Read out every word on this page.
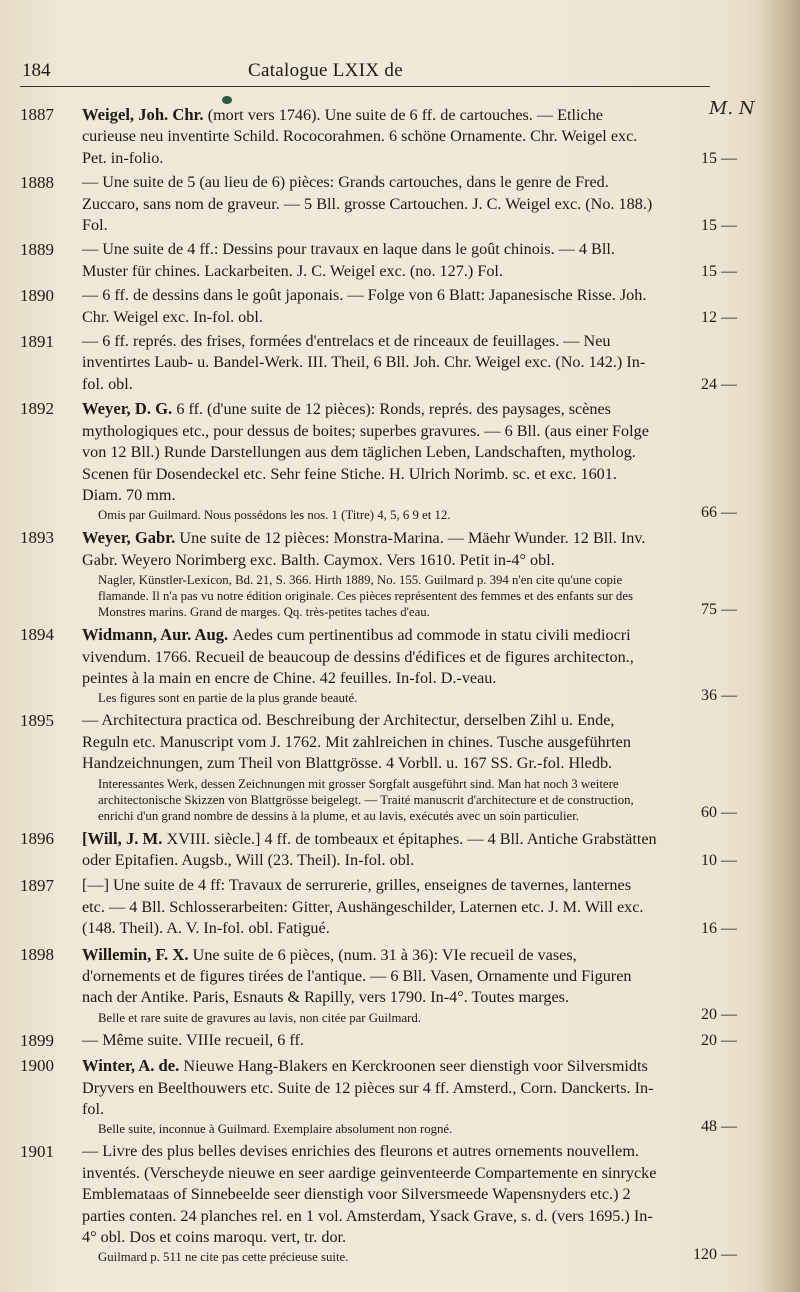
184	Catalogue LXIX de
M. N
1887 Weigel, Joh. Chr. (mort vers 1746). Une suite de 6 ff. de cartouches. — Etliche curieuse neu inventirte Schild. Rococorahmen. 6 schöne Ornamente. Chr. Weigel exc. Pet. in-folio.	15 —
1888 — Une suite de 5 (au lieu de 6) pièces: Grands cartouches, dans le genre de Fred. Zuccaro, sans nom de graveur. — 5 Bll. grosse Cartouchen. J. C. Weigel exc. (No. 188.) Fol.	15 —
1889 — Une suite de 4 ff.: Dessins pour travaux en laque dans le goût chinois. — 4 Bll. Muster für chines. Lackarbeiten. J. C. Weigel exc. (no. 127.) Fol.	15 —
1890 — 6 ff. de dessins dans le goût japonais. — Folge von 6 Blatt: Japanesische Risse. Joh. Chr. Weigel exc. In-fol. obl.	12 —
1891 — 6 ff. représ. des frises, formées d'entrelacs et de rinceaux de feuillages. — Neu inventirtes Laub- u. Bandel-Werk. III. Theil, 6 Bll. Joh. Chr. Weigel exc. (No. 142.) In-fol. obl.	24 —
1892 Weyer, D. G. 6 ff. (d'une suite de 12 pièces): Ronds, représ. des paysages, scènes mythologiques etc., pour dessus de boites; superbes gravures. — 6 Bll. (aus einer Folge von 12 Bll.) Runde Darstellungen aus dem täglichen Leben, Landschaften, mytholog. Scenen für Dosendeckel etc. Sehr feine Stiche. H. Ulrich Norimb. sc. et exc. 1601. Diam. 70 mm.
Omis par Guilmard. Nous possédons les nos. 1 (Titre) 4, 5, 6 9 et 12.	66 —
1893 Weyer, Gabr. Une suite de 12 pièces: Monstra-Marina. — Mäehr Wunder. 12 Bll. Inv. Gabr. Weyero Norimberg exc. Balth. Caymox. Vers 1610. Petit in-4° obl.
Nagler, Künstler-Lexicon, Bd. 21, S. 366. Hirth 1889, No. 155. Guilmard p. 394 n'en cite qu'une copie flamande. Il n'a pas vu notre édition originale. Ces pièces représentent des femmes et des enfants sur des Monstres marins. Grand de marges. Qq. très-petites taches d'eau.	75 —
1894 Widmann, Aur. Aug. Aedes cum pertinentibus ad commode in statu civili mediocri vivendum. 1766. Recueil de beaucoup de dessins d'édifices et de figures architecton., peintes à la main en encre de Chine. 42 feuilles. In-fol. D.-veau.
Les figures sont en partie de la plus grande beauté.	36 —
1895 — Architectura practica od. Beschreibung der Architectur, derselben Zihl u. Ende, Reguln etc. Manuscript vom J. 1762. Mit zahlreichen in chines. Tusche ausgeführten Handzeichnungen, zum Theil von Blattgrösse. 4 Vorbll. u. 167 SS. Gr.-fol. Hledb.
Interessantes Werk, dessen Zeichnungen mit grosser Sorgfalt ausgeführt sind. Man hat noch 3 weitere architectonische Skizzen von Blattgrösse beigelegt. — Traité manuscrit d'architecture et de construction, enrichi d'un grand nombre de dessins à la plume, et au lavis, exécutés avec un soin particulier.	60 —
1896 [Will, J. M. XVIII. siècle.] 4 ff. de tombeaux et épitaphes. — 4 Bll. Antiche Grabstätten oder Epitafien. Augsb., Will (23. Theil). In-fol. obl.	10 —
1897 [—] Une suite de 4 ff: Travaux de serrurerie, grilles, enseignes de tavernes, lanternes etc. — 4 Bll. Schlosserarbeiten: Gitter, Aushängeschilder, Laternen etc. J. M. Will exc. (148. Theil). A. V. In-fol. obl. Fatigué.	16 —
1898 Willemin, F. X. Une suite de 6 pièces, (num. 31 à 36): VIe recueil de vases, d'ornements et de figures tirées de l'antique. — 6 Bll. Vasen, Ornamente und Figuren nach der Antike. Paris, Esnauts & Rapilly, vers 1790. In-4°. Toutes marges.
Belle et rare suite de gravures au lavis, non citée par Guilmard.	20 —
1899 — Même suite. VIIIe recueil, 6 ff.	20 —
1900 Winter, A. de. Nieuwe Hang-Blakers en Kerckroonen seer dienstigh voor Silversmidts Dryvers en Beelthouwers etc. Suite de 12 pièces sur 4 ff. Amsterd., Corn. Danckerts. In-fol.
Belle suite, inconnue à Guilmard. Exemplaire absolument non rogné.	48 —
1901 — Livre des plus belles devises enrichies des fleurons et autres ornements nouvellem. inventés. (Verscheyde nieuwe en seer aardige geinventeerde Compartemente en sinrycke Emblemataas of Sinnebeelde seer dienstigh voor Silversmeede Wapensnyders etc.) 2 parties conten. 24 planches rel. en 1 vol. Amsterdam, Ysack Grave, s. d. (vers 1695.) In-4° obl. Dos et coins maroqu. vert, tr. dor.
Guilmard p. 511 ne cite pas cette précieuse suite.	120 —
